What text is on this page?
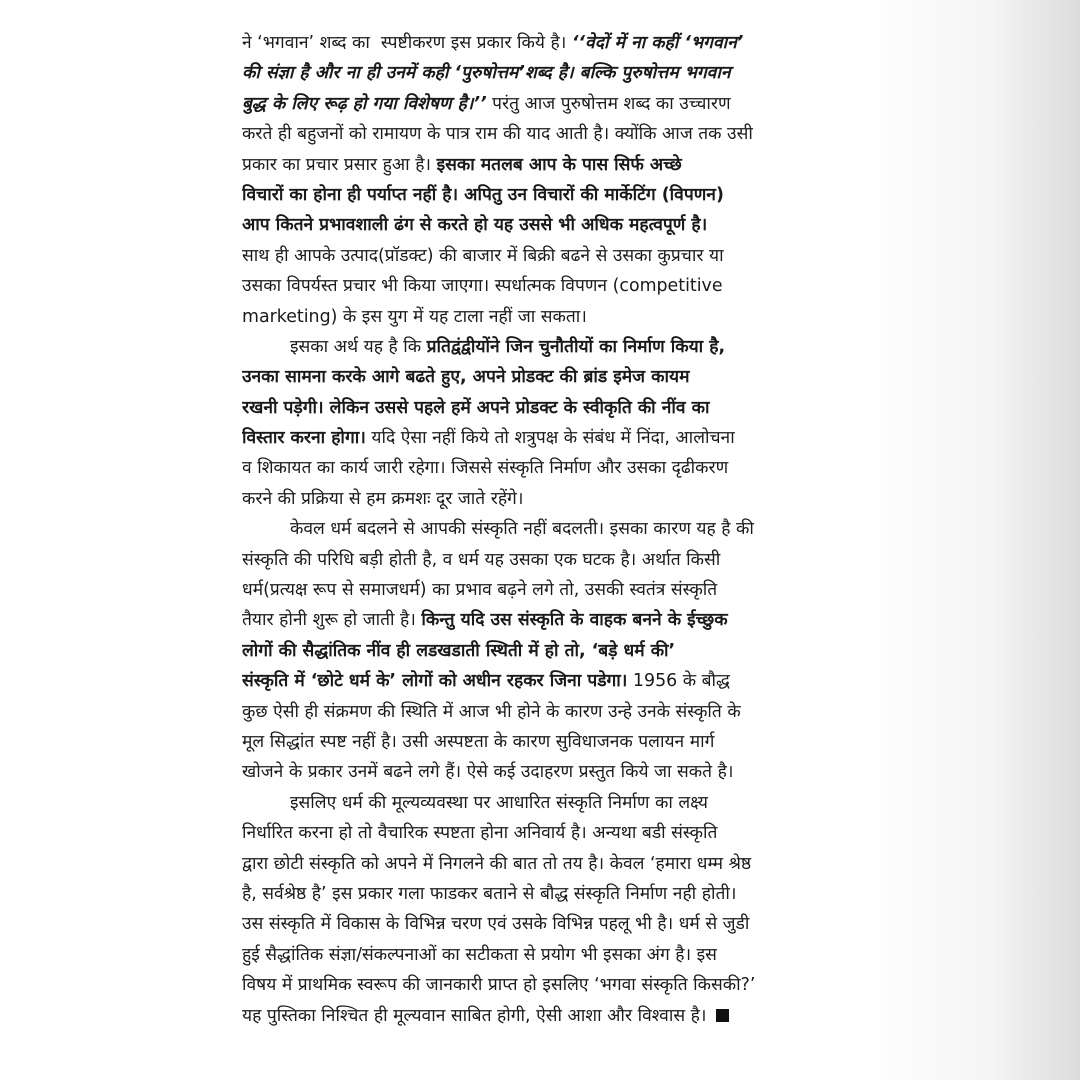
ने ‘भगवान’ शब्द का  स्पष्टीकरण इस प्रकार किये है। ‘‘वेदों में ना कहीं ‘भगवान’
की संज्ञा है और ना ही उनमें कही ‘पुरुषोत्तम’शब्द है। बल्कि पुरुषोत्तम भगवान
बुद्ध के लिए रूढ़ हो गया विशेषण है।’’ परंतु आज पुरुषोत्तम शब्द का उच्चारण
करते ही बहुजनों को रामायण के पात्र राम की याद आती है। क्योंकि आज तक उसी
प्रकार का प्रचार प्रसार हुआ है। इसका मतलब आप के पास सिर्फ अच्छे
विचारों का होना ही पर्याप्त नहीं है। अपितु उन विचारों की मार्केटिंग (विपणन)
आप कितने प्रभावशाली ढंग से करते हो यह उससे भी अधिक महत्वपूर्ण है।
साथ ही आपके उत्पाद(प्रॉडक्ट) की बाजार में बिक्री बढने से उसका कुप्रचार या
उसका विपर्यस्त प्रचार भी किया जाएगा। स्पर्धात्मक विपणन (competitive
marketing) के इस युग में यह टाला नहीं जा सकता।
इसका अर्थ यह है कि प्रतिद्वंद्वीयोंने जिन चुनौतीयों का निर्माण किया है,
उनका सामना करके आगे बढते हुए, अपने प्रोडक्ट की ब्रांड इमेज कायम
रखनी पड़ेगी। लेकिन उससे पहले हमें अपने प्रोडक्ट के स्वीकृति की नींव का
विस्तार करना होगा। यदि ऐसा नहीं किये तो शत्रुपक्ष के संबंध में निंदा, आलोचना
व शिकायत का कार्य जारी रहेगा। जिससे संस्कृति निर्माण और उसका दृढीकरण
करने की प्रक्रिया से हम क्रमशः दूर जाते रहेंगे।
केवल धर्म बदलने से आपकी संस्कृति नहीं बदलती। इसका कारण यह है की
संस्कृति की परिधि बड़ी होती है, व धर्म यह उसका एक घटक है। अर्थात किसी
धर्म(प्रत्यक्ष रूप से समाजधर्म) का प्रभाव बढ़ने लगे तो, उसकी स्वतंत्र संस्कृति
तैयार होनी शुरू हो जाती है। किन्तु यदि उस संस्कृति के वाहक बनने के ईच्छुक
लोगों की सैद्धांतिक नींव ही लडखडाती स्थिती में हो तो, ‘बड़े धर्म की’
संस्कृति में ‘छोटे धर्म के’ लोगों को अधीन रहकर जिना पडेगा। 1956 के बौद्ध
कुछ ऐसी ही संक्रमण की स्थिति में आज भी होने के कारण उन्हे उनके संस्कृति के
मूल सिद्धांत स्पष्ट नहीं है। उसी अस्पष्टता के कारण सुविधाजनक पलायन मार्ग
खोजने के प्रकार उनमें बढने लगे हैं। ऐसे कई उदाहरण प्रस्तुत किये जा सकते है।
इसलिए धर्म की मूल्यव्यवस्था पर आधारित संस्कृति निर्माण का लक्ष्य
निर्धारित करना हो तो वैचारिक स्पष्टता होना अनिवार्य है। अन्यथा बडी संस्कृति
द्वारा छोटी संस्कृति को अपने में निगलने की बात तो तय है। केवल ‘हमारा धम्म श्रेष्ठ
है, सर्वश्रेष्ठ है’ इस प्रकार गला फाडकर बताने से बौद्ध संस्कृति निर्माण नही होती।
उस संस्कृति में विकास के विभिन्न चरण एवं उसके विभिन्न पहलू भी है। धर्म से जुडी
हुई सैद्धांतिक संज्ञा/संकल्पनाओं का सटीकता से प्रयोग भी इसका अंग है। इस
विषय में प्राथमिक स्वरूप की जानकारी प्राप्त हो इसलिए ‘भगवा संस्कृति किसकी?’
यह पुस्तिका निश्चित ही मूल्यवान साबित होगी, ऐसी आशा और विश्वास है।
